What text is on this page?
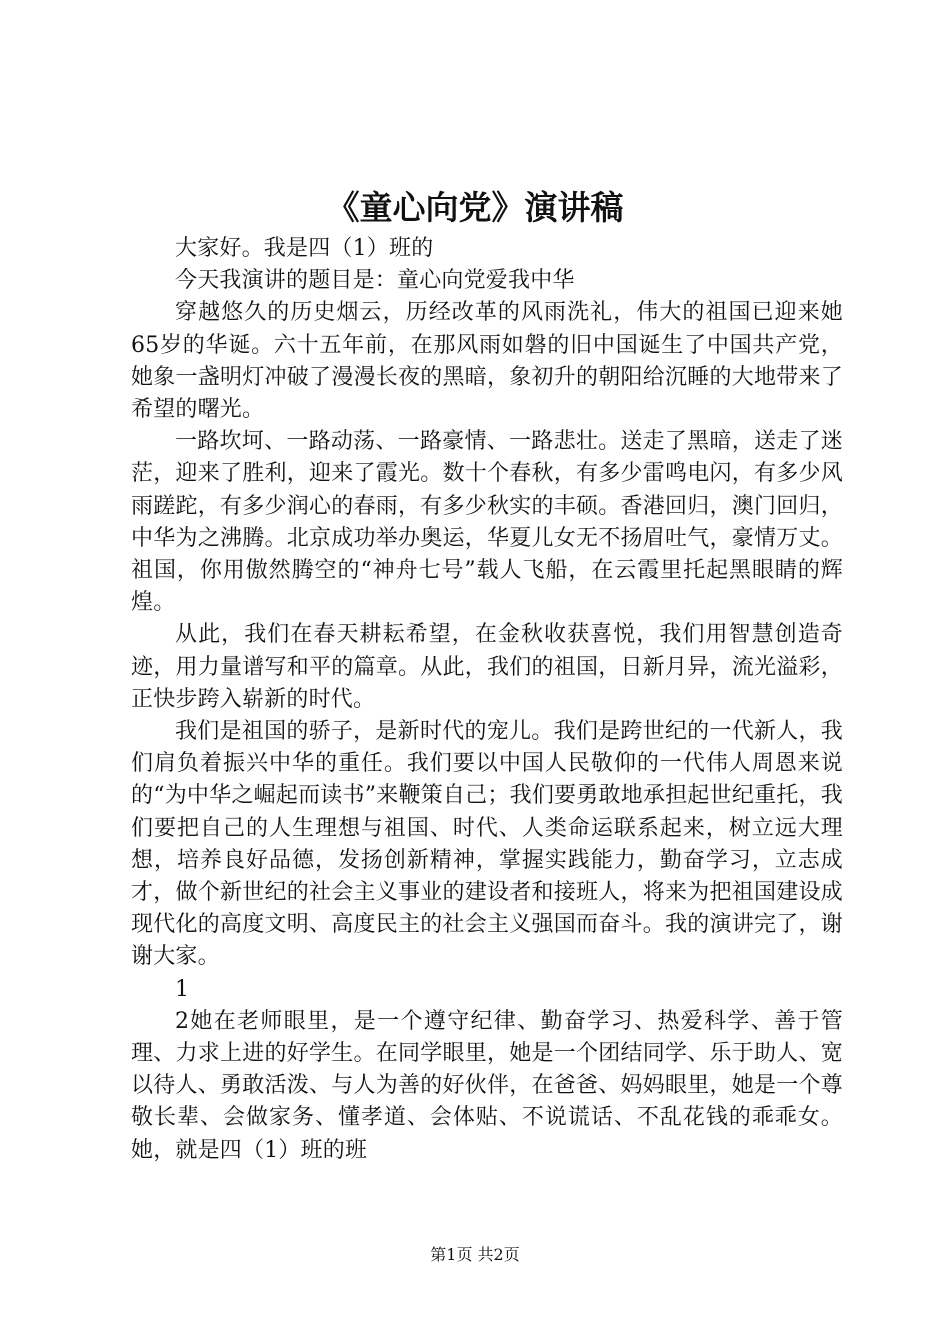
《童心向党》演讲稿

大家好。我是四（1）班的

今天我演讲的题目是：童心向党爱我中华

穿越悠久的历史烟云，历经改革的风雨洗礼，伟大的祖国已迎来她65岁的华诞。六十五年前，在那风雨如磐的旧中国诞生了中国共产党，她象一盏明灯冲破了漫漫长夜的黑暗，象初升的朝阳给沉睡的大地带来了希望的曙光。

一路坎坷、一路动荡、一路豪情、一路悲壮。送走了黑暗，送走了迷茫，迎来了胜利，迎来了霞光。数十个春秋，有多少雷鸣电闪，有多少风雨蹉跎，有多少润心的春雨，有多少秋实的丰硕。香港回归，澳门回归，中华为之沸腾。北京成功举办奥运，华夏儿女无不扬眉吐气，豪情万丈。祖国，你用傲然腾空的“神舟七号”载人飞船，在云霞里托起黑眼睛的辉煌。

从此，我们在春天耕耘希望，在金秋收获喜悦，我们用智慧创造奇迹，用力量谱写和平的篇章。从此，我们的祖国，日新月异，流光溢彩，正快步跨入崭新的时代。

我们是祖国的骄子，是新时代的宠儿。我们是跨世纪的一代新人，我们肩负着振兴中华的重任。我们要以中国人民敬仰的一代伟人周恩来说的“为中华之崛起而读书”来鞭策自己；我们要勇敢地承担起世纪重托，我们要把自己的人生理想与祖国、时代、人类命运联系起来，树立远大理想，培养良好品德，发扬创新精神，掌握实践能力，勤奋学习，立志成才，做个新世纪的社会主义事业的建设者和接班人，将来为把祖国建设成现代化的高度文明、高度民主的社会主义强国而奋斗。我的演讲完了，谢谢大家。

1

2她在老师眼里，是一个遵守纪律、勤奋学习、热爱科学、善于管理、力求上进的好学生。在同学眼里，她是一个团结同学、乐于助人、宽以待人、勇敢活泼、与人为善的好伙伴，在爸爸、妈妈眼里，她是一个尊敬长辈、会做家务、懂孝道、会体贴、不说谎话、不乱花钱的乖乖女。她，就是四（1）班的班

第1页 共2页
